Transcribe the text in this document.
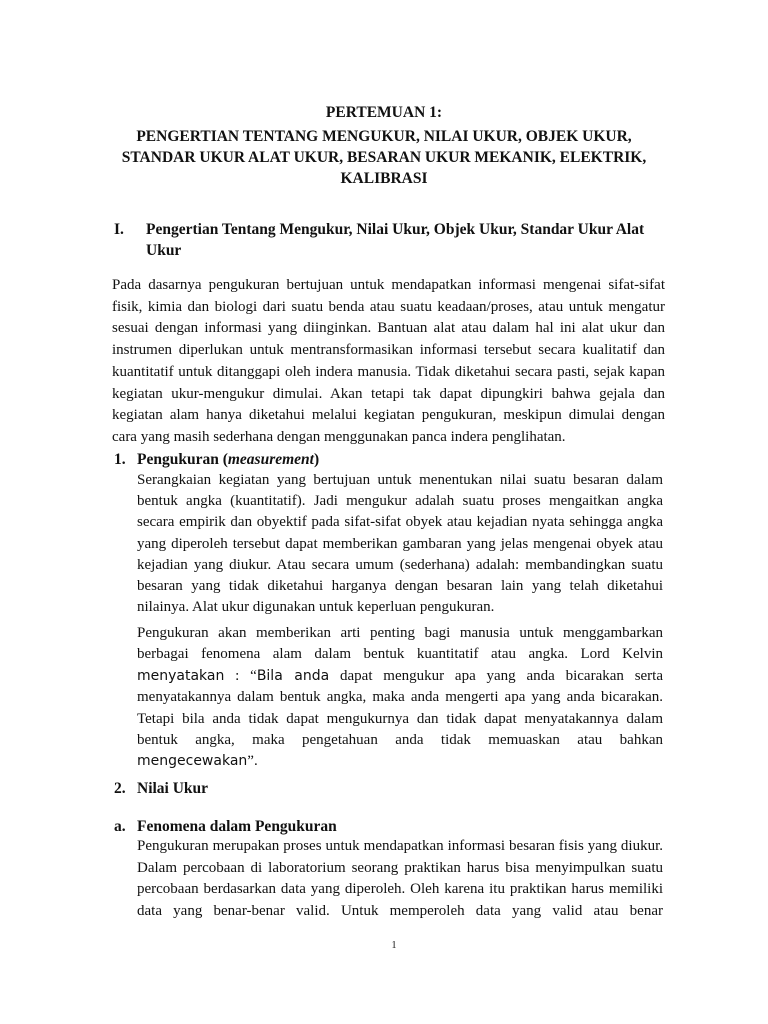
PERTEMUAN 1:
PENGERTIAN TENTANG MENGUKUR, NILAI UKUR, OBJEK UKUR,
STANDAR UKUR ALAT UKUR, BESARAN UKUR MEKANIK, ELEKTRIK,
KALIBRASI
I.	Pengertian Tentang Mengukur, Nilai Ukur, Objek Ukur, Standar Ukur Alat
Ukur
Pada dasarnya pengukuran bertujuan untuk mendapatkan informasi mengenai sifat-sifat
fisik, kimia dan biologi dari suatu benda atau suatu keadaan/proses, atau untuk mengatur
sesuai dengan informasi yang diinginkan. Bantuan alat atau dalam hal ini alat ukur dan
instrumen diperlukan untuk mentransformasikan informasi tersebut secara kualitatif dan
kuantitatif untuk ditanggapi oleh indera manusia. Tidak diketahui secara pasti, sejak kapan
kegiatan ukur-mengukur dimulai. Akan tetapi tak dapat dipungkiri bahwa gejala dan
kegiatan alam hanya diketahui melalui kegiatan pengukuran, meskipun dimulai dengan
cara yang masih sederhana dengan menggunakan panca indera penglihatan.
1. Pengukuran (measurement)
Serangkaian kegiatan yang bertujuan untuk menentukan nilai suatu besaran dalam
bentuk angka (kuantitatif). Jadi mengukur adalah suatu proses mengaitkan angka
secara empirik dan obyektif pada sifat-sifat obyek atau kejadian nyata sehingga angka
yang diperoleh tersebut dapat memberikan gambaran yang jelas mengenai obyek atau
kejadian yang diukur. Atau secara umum (sederhana) adalah: membandingkan suatu
besaran yang tidak diketahui harganya dengan besaran lain yang telah diketahui
nilainya. Alat ukur digunakan untuk keperluan pengukuran.
Pengukuran akan memberikan arti penting bagi manusia untuk menggambarkan
berbagai fenomena alam dalam bentuk kuantitatif atau angka. Lord Kelvin
menyatakan : “Bila anda dapat mengukur apa yang anda bicarakan serta
menyatakannya dalam bentuk angka, maka anda mengerti apa yang anda bicarakan.
Tetapi bila anda tidak dapat mengukurnya dan tidak dapat menyatakannya dalam
bentuk angka, maka pengetahuan anda tidak memuaskan atau bahkan
mengecewakan”.
2. Nilai Ukur
a. Fenomena dalam Pengukuran
Pengukuran merupakan proses untuk mendapatkan informasi besaran fisis yang diukur.
Dalam percobaan di laboratorium seorang praktikan harus bisa menyimpulkan suatu
percobaan berdasarkan data yang diperoleh. Oleh karena itu praktikan harus memiliki
data yang benar-benar valid. Untuk memperoleh data yang valid atau benar
1
